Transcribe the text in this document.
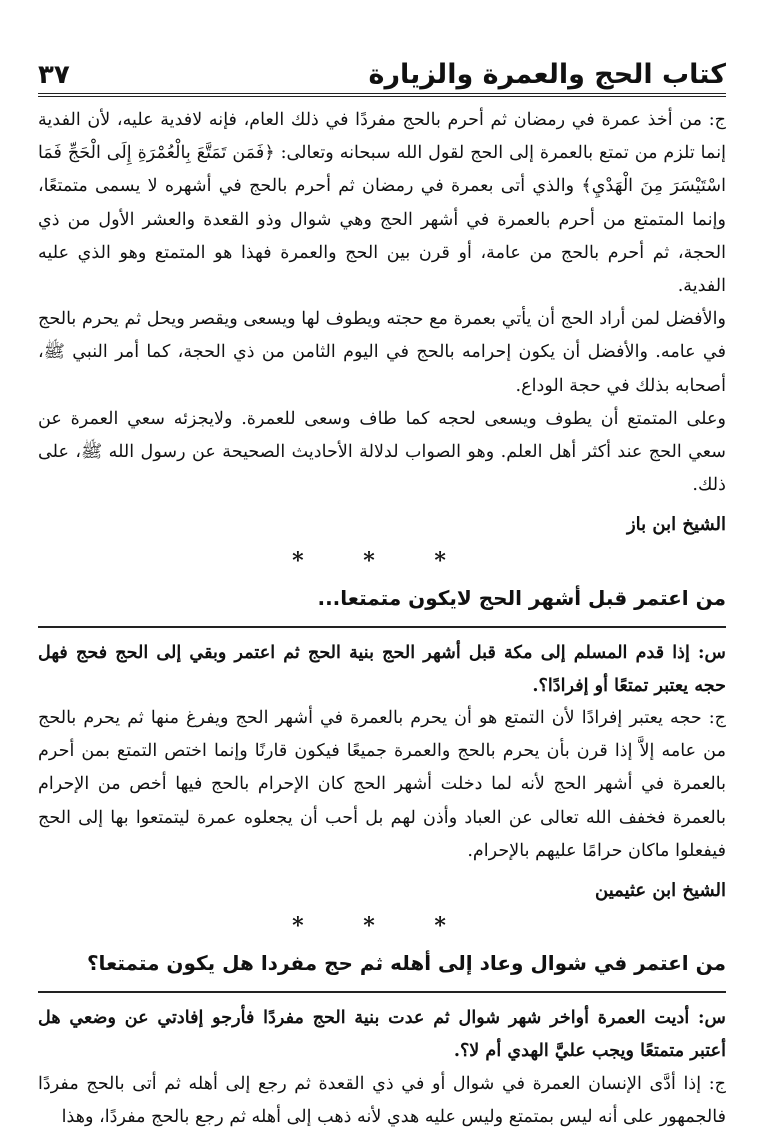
كتاب الحج والعمرة والزيارة
٣٧

ج: من أخذ عمرة في رمضان ثم أحرم بالحج مفردًا في ذلك العام، فإنه لافدية عليه، لأن الفدية إنما تلزم من تمتع بالعمرة إلى الحج لقول الله سبحانه وتعالى: ﴿فَمَن تَمَتَّعَ بِالْعُمْرَةِ إِلَى الْحَجِّ فَمَا اسْتَيْسَرَ مِنَ الْهَدْيِ﴾ والذي أتى بعمرة في رمضان ثم أحرم بالحج في أشهره لا يسمى متمتعًا، وإنما المتمتع من أحرم بالعمرة في أشهر الحج وهي شوال وذو القعدة والعشر الأول من ذي الحجة، ثم أحرم بالحج من عامة، أو قرن بين الحج والعمرة فهذا هو المتمتع وهو الذي عليه الفدية.

والأفضل لمن أراد الحج أن يأتي بعمرة مع حجته ويطوف لها ويسعى ويقصر ويحل ثم يحرم بالحج في عامه. والأفضل أن يكون إحرامه بالحج في اليوم الثامن من ذي الحجة، كما أمر النبي ﷺ، أصحابه بذلك في حجة الوداع.

وعلى المتمتع أن يطوف ويسعى لحجه كما طاف وسعى للعمرة. ولايجزئه سعي العمرة عن سعي الحج عند أكثر أهل العلم. وهو الصواب لدلالة الأحاديث الصحيحة عن رسول الله ﷺ، على ذلك.

الشيخ ابن باز

* * *
من اعتمر قبل أشهر الحج لايكون متمتعا...

س: إذا قدم المسلم إلى مكة قبل أشهر الحج بنية الحج ثم اعتمر وبقي إلى الحج فحج فهل حجه يعتبر تمتعًا أو إفرادًا؟.

ج: حجه يعتبر إفرادًا لأن التمتع هو أن يحرم بالعمرة في أشهر الحج ويفرغ منها ثم يحرم بالحج من عامه إلاَّ إذا قرن بأن يحرم بالحج والعمرة جميعًا فيكون قارنًا وإنما اختص التمتع بمن أحرم بالعمرة في أشهر الحج لأنه لما دخلت أشهر الحج كان الإحرام بالحج فيها أخص من الإحرام بالعمرة فخفف الله تعالى عن العباد وأذن لهم بل أحب أن يجعلوه عمرة ليتمتعوا بها إلى الحج فيفعلوا ماكان حرامًا عليهم بالإحرام.

الشيخ ابن عثيمين

* * *
من اعتمر في شوال وعاد إلى أهله ثم حج مفردا هل يكون متمتعا؟

س: أديت العمرة أواخر شهر شوال ثم عدت بنية الحج مفردًا فأرجو إفادتي عن وضعي هل أعتبر متمتعًا ويجب عليَّ الهدي أم لا؟.

ج: إذا أدَّى الإنسان العمرة في شوال أو في ذي القعدة ثم رجع إلى أهله ثم أتى بالحج مفردًا فالجمهور على أنه ليس بمتمتع وليس عليه هدي لأنه ذهب إلى أهله ثم رجع بالحج مفردًا، وهذا
